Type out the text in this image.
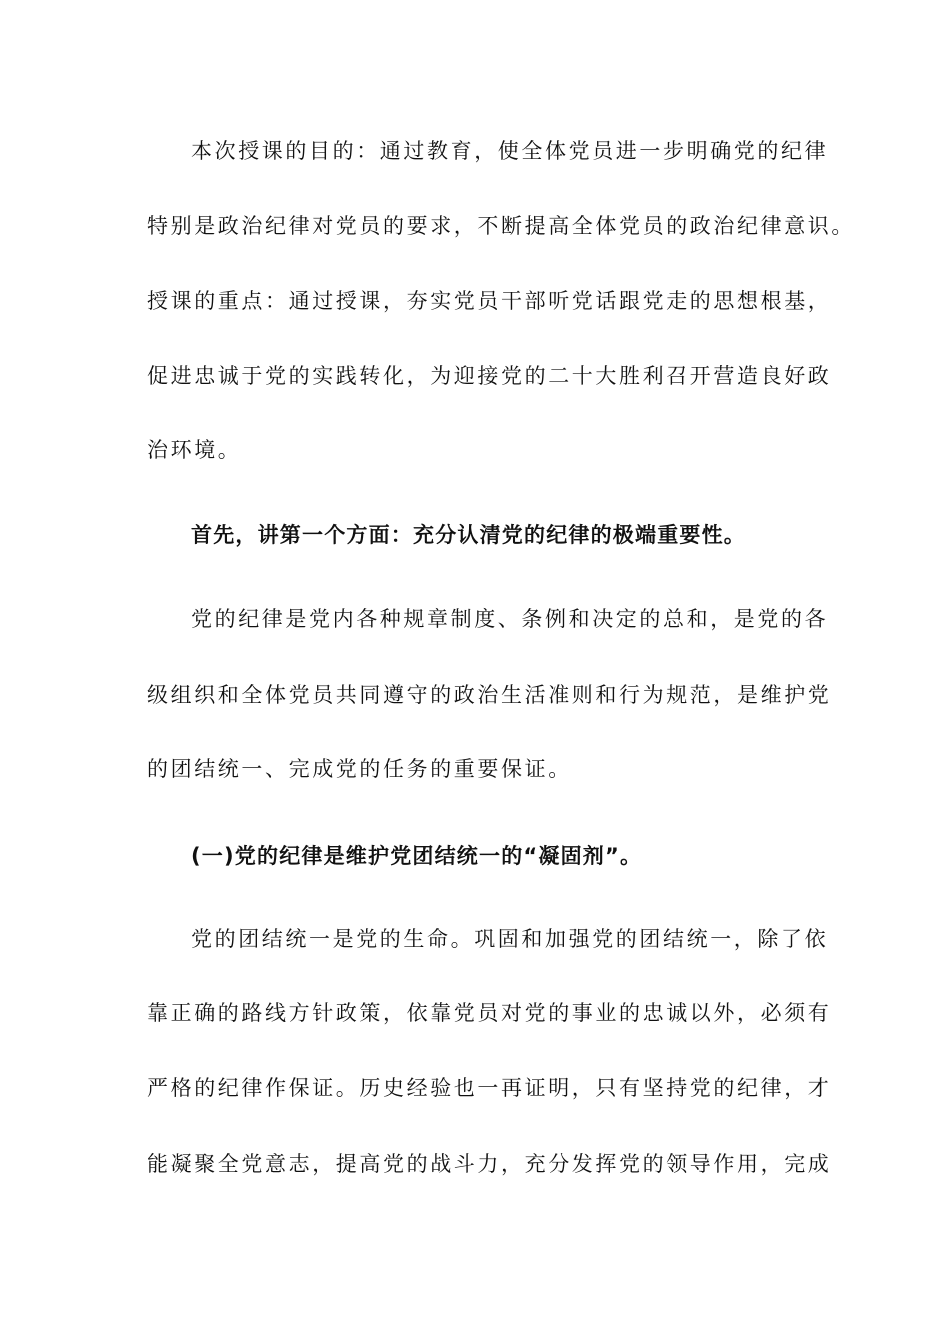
本次授课的目的：通过教育，使全体党员进一步明确党的纪律
特别是政治纪律对党员的要求，不断提高全体党员的政治纪律意识。
授课的重点：通过授课，夯实党员干部听党话跟党走的思想根基，
促进忠诚于党的实践转化，为迎接党的二十大胜利召开营造良好政
治环境。
首先，讲第一个方面：充分认清党的纪律的极端重要性。
党的纪律是党内各种规章制度、条例和决定的总和，是党的各
级组织和全体党员共同遵守的政治生活准则和行为规范，是维护党
的团结统一、完成党的任务的重要保证。
(一)党的纪律是维护党团结统一的“凝固剂”。
党的团结统一是党的生命。巩固和加强党的团结统一，除了依
靠正确的路线方针政策，依靠党员对党的事业的忠诚以外，必须有
严格的纪律作保证。历史经验也一再证明，只有坚持党的纪律，才
能凝聚全党意志，提高党的战斗力，充分发挥党的领导作用，完成
